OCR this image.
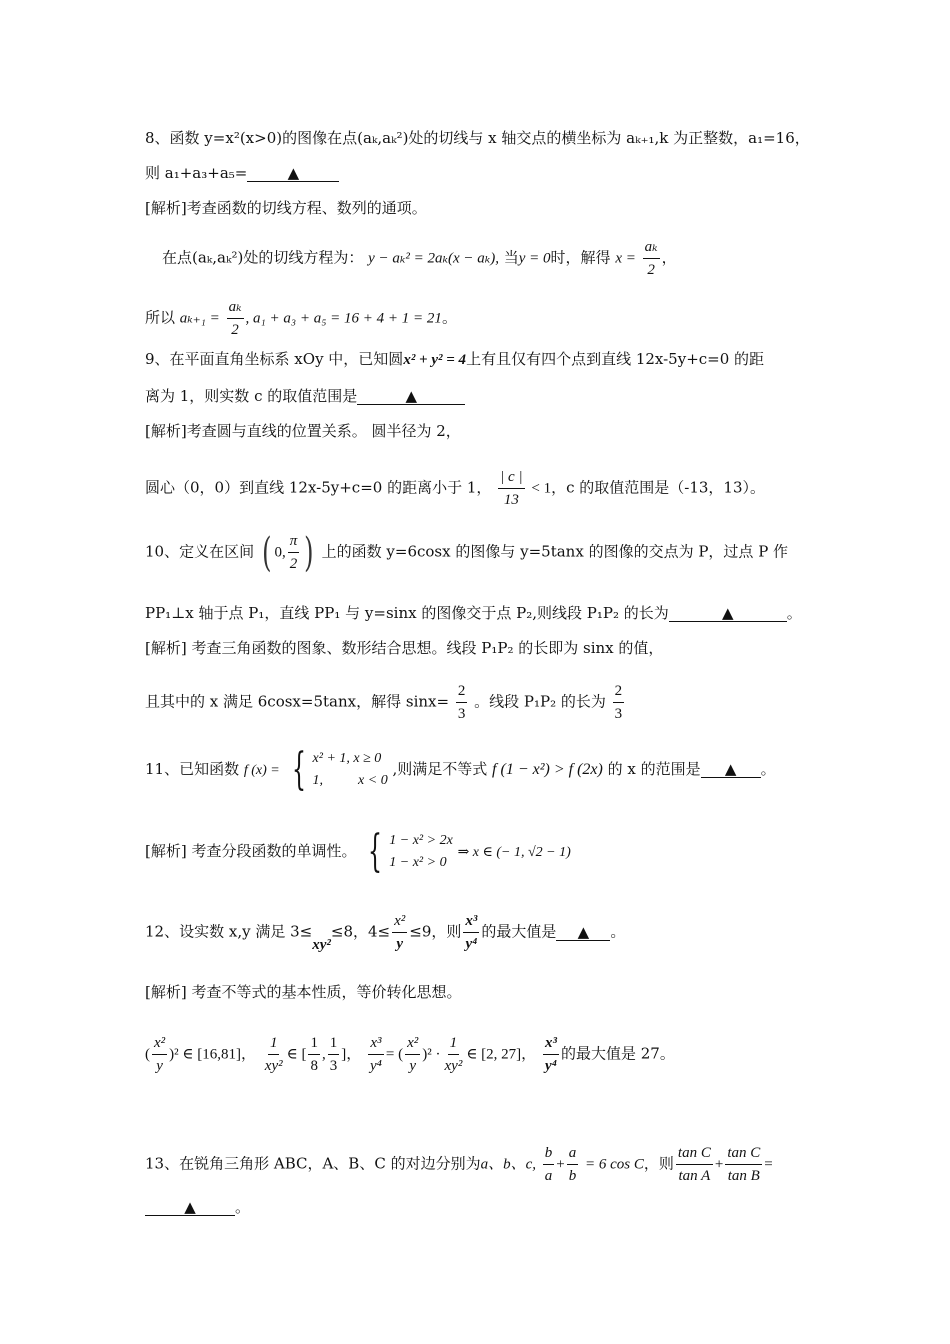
8、函数 y=x²(x>0)的图像在点(aₖ,aₖ²)处的切线与 x 轴交点的横坐标为 aₖ₊₁,k 为正整数，a₁=16，
则 a₁+a₃+a₅=	▲
[解析]考查函数的切线方程、数列的通项。
在点(aₖ,aₖ²)处的切线方程为： y − aₖ² = 2aₖ(x − aₖ), 当y = 0时，解得 $x = \frac{\text{aₖ}}{2}$ ，
所以 $a_{k+1} = \frac{\text{aₖ}}{2}$ , a₁ + a₃ + a₅ = 16 + 4 + 1 = 21。
9、在平面直角坐标系 xOy 中，已知圆x² + y² = 4上有且仅有四个点到直线 12x-5y+c=0 的距
离为 1，则实数 c 的取值范围是	▲
[解析]考查圆与直线的位置关系。 圆半径为 2，
圆心（0，0）到直线 12x-5y+c=0 的距离小于 1， $\frac{| c |}{13} < 1$，c 的取值范围是（-13，13）。
10、定义在区间 ( 0, $\frac{\pi}{2}$ ) 上的函数 y=6cosx 的图像与 y=5tanx 的图像的交点为 P，过点 P 作
PP₁⊥x 轴于点 P₁，直线 PP₁ 与 y=sinx 的图像交于点 P₂,则线段 P₁P₂ 的长为	▲	。
[解析] 考查三角函数的图象、数形结合思想。线段 P₁P₂ 的长即为 sinx 的值，
且其中的 x 满足 6cosx=5tanx，解得 $\sin x= \frac{2}{3}$ 。线段 P₁P₂ 的长为 $\frac{2}{3}$
11、已知函数 f (x) = { x² + 1, x ≥ 0
1,          x < 0
,则满足不等式 f (1 − x²) > f (2x) 的 x 的范围是 ▲ 。
[解析] 考查分段函数的单调性。 { 1 − x² > 2x
1 − x² > 0
⇒ x ∈ (− 1, √2 − 1)
12、设实数 x,y 满足 3≤xy²≤8，$4\le \frac{\text{x²}}{y} \le 9$，则 $\frac{\text{x³}}{\text{y⁴}}$ 的最大值是 ▲ 。
[解析] 考查不等式的基本性质，等价转化思想。
( $\frac{\text{x²}}{y} )^2$ ∈ [16,81]， $\frac{1}{\text{xy²}}$ ∈ [ $\frac{1}{8}$ , $\frac{1}{3}$ ]， $\frac{\text{x³}}{\text{y⁴}}$ = ( $\frac{\text{x²}}{y} )^2 \cdot \frac{1}{\text{xy²}}$ ∈ [2, 27]， $\frac{\text{x³}}{\text{y⁴}}$ 的最大值是 27。
13、在锐角三角形 ABC，A、B、C 的对边分别为a、b、c, $\frac{b}{a} + \frac{a}{b} = 6$ cos C，则 $\frac{\text{tan C}}{\text{tan A}} + \frac{\text{tan C}}{\text{tan B}}$ =
▲	。
